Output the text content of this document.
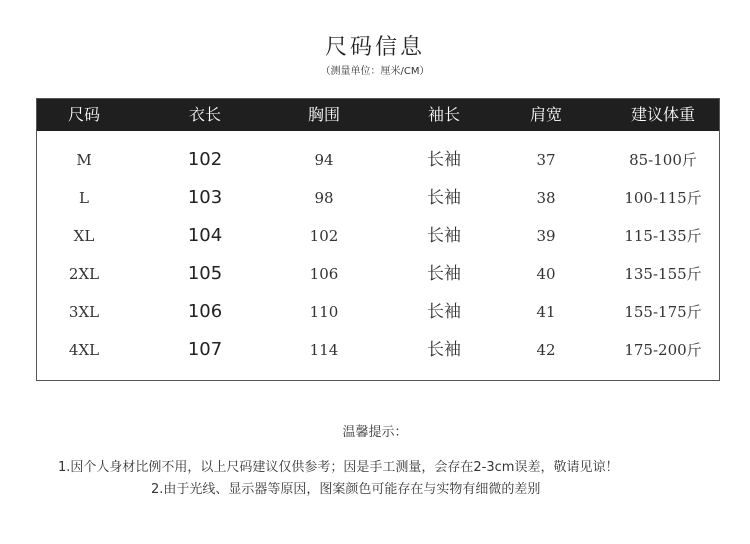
尺码信息
（测量单位：厘米/CM）
尺码	衣长	胸围	袖长	肩宽	建议体重
M	102	94	长袖	37	85-100斤
L	103	98	长袖	38	100-115斤
XL	104	102	长袖	39	115-135斤
2XL	105	106	长袖	40	135-155斤
3XL	106	110	长袖	41	155-175斤
4XL	107	114	长袖	42	175-200斤
温馨提示：
1.因个人身材比例不用，以上尺码建议仅供参考；因是手工测量，会存在2-3cm误差，敬请见谅！
2.由于光线、显示器等原因，图案颜色可能存在与实物有细微的差别
